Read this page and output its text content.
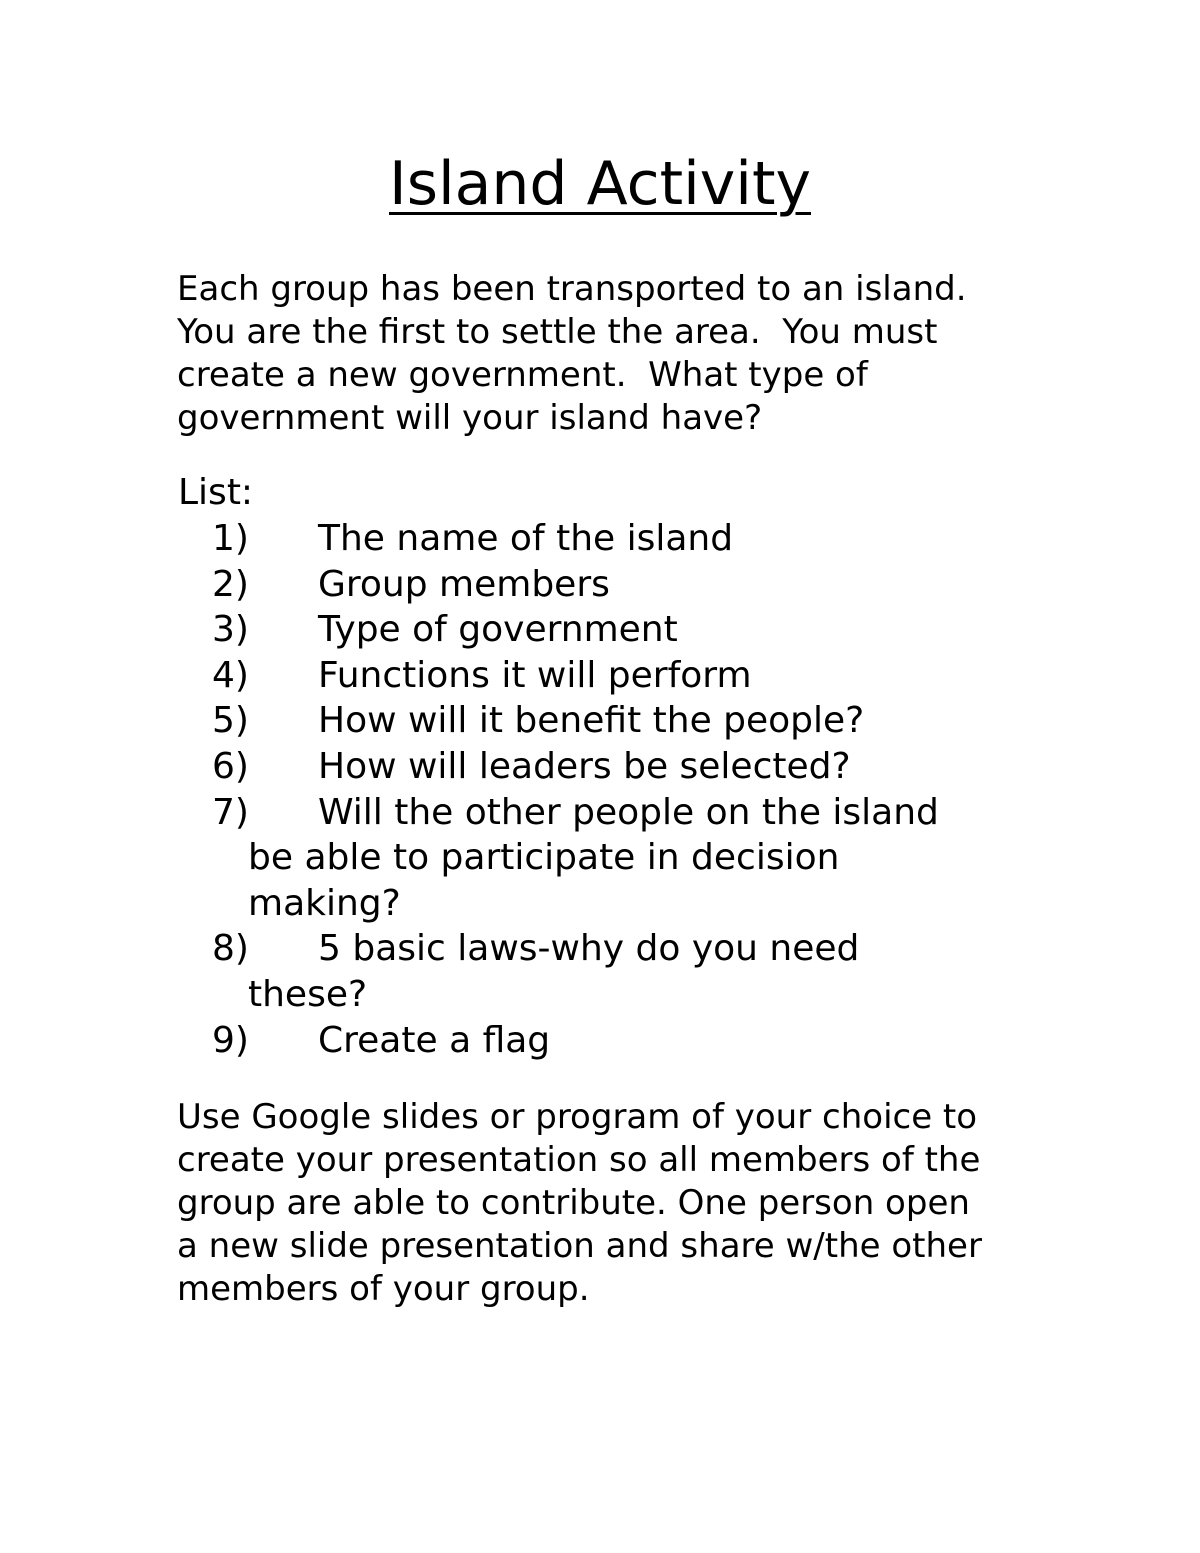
Island Activity

Each group has been transported to an island.
You are the first to settle the area.  You must
create a new government.  What type of
government will your island have?

List:

1) The name of the island
2) Group members
3) Type of government
4) Functions it will perform
5) How will it benefit the people?
6) How will leaders be selected?
7) Will the other people on the island
be able to participate in decision
making?
8) 5 basic laws-why do you need
these?
9) Create a flag

Use Google slides or program of your choice to
create your presentation so all members of the
group are able to contribute. One person open
a new slide presentation and share w/the other
members of your group.
